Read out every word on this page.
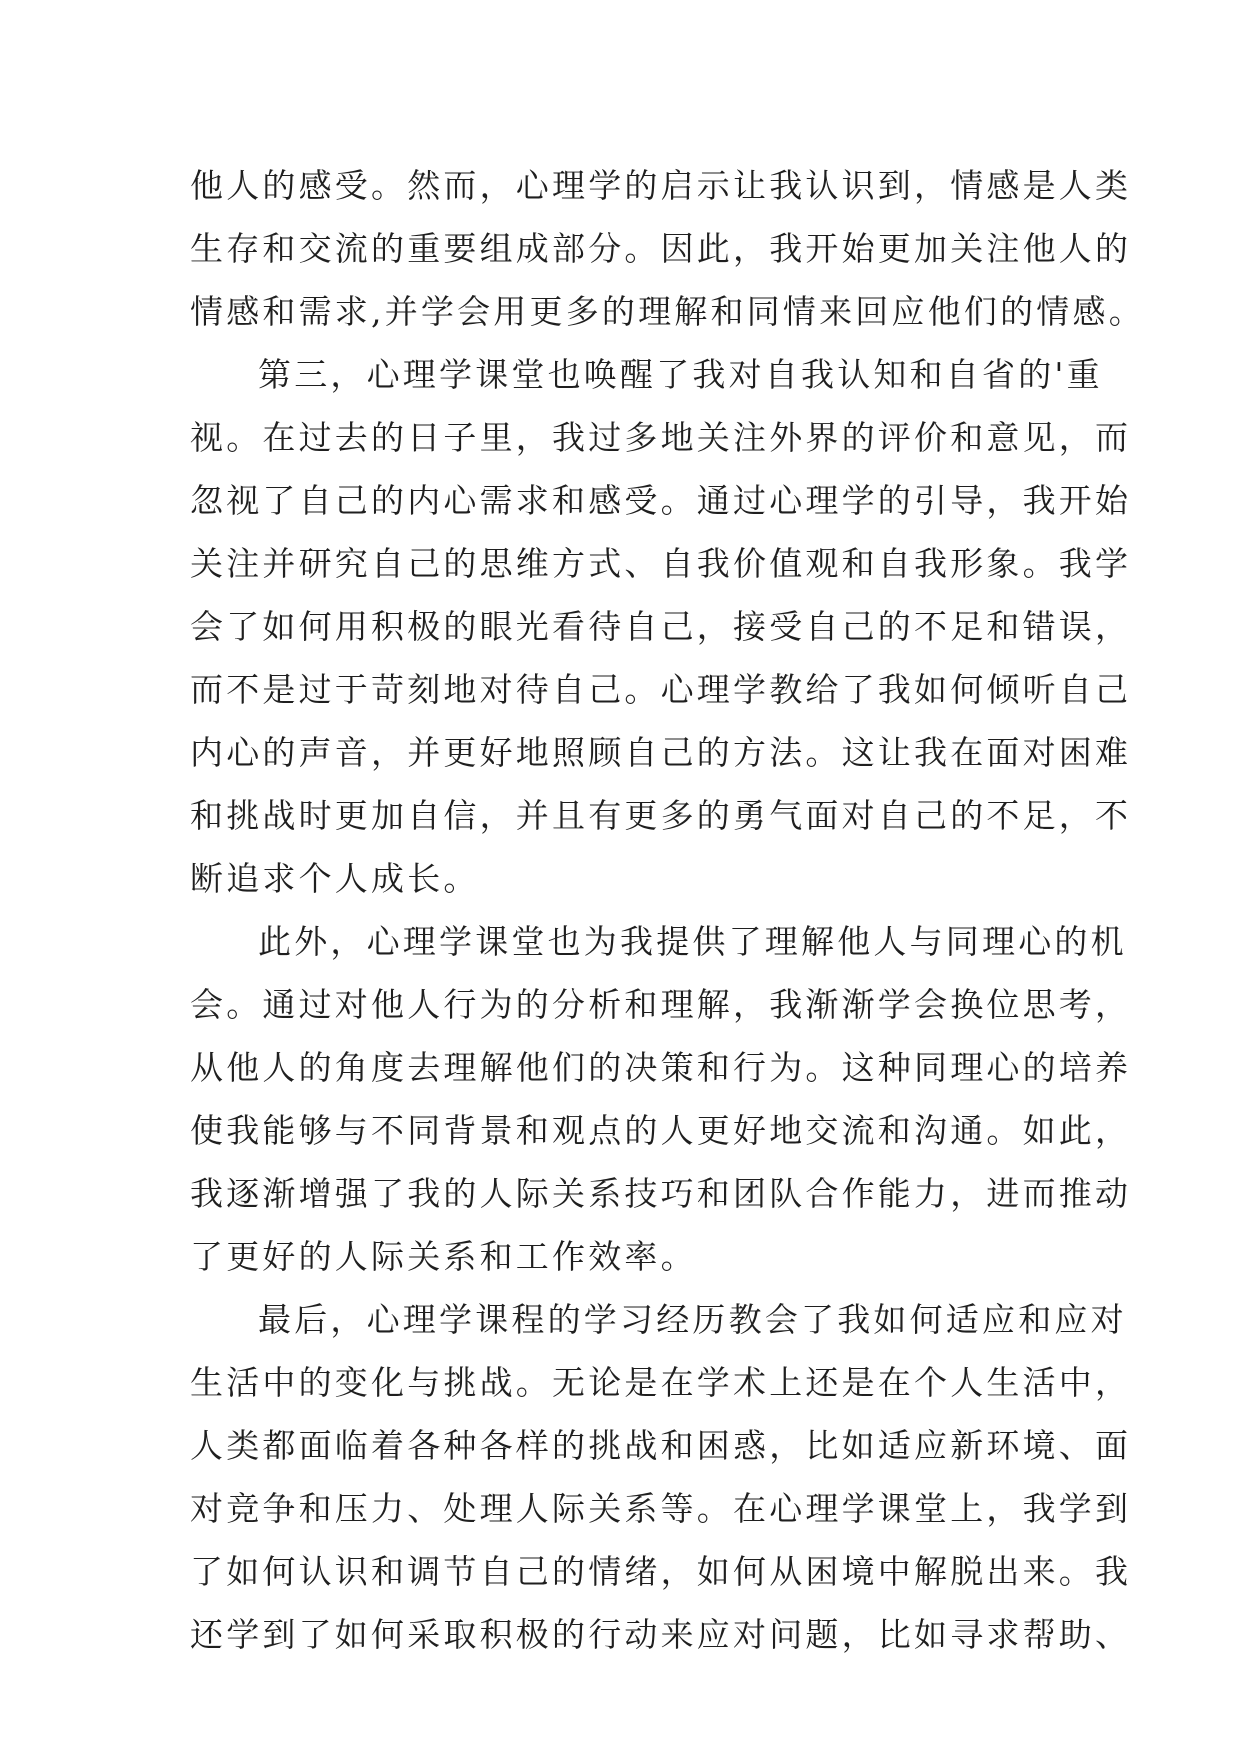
他人的感受。然而，心理学的启示让我认识到，情感是人类
生存和交流的重要组成部分。因此，我开始更加关注他人的
情感和需求,并学会用更多的理解和同情来回应他们的情感。
第三，心理学课堂也唤醒了我对自我认知和自省的'重
视。在过去的日子里，我过多地关注外界的评价和意见，而
忽视了自己的内心需求和感受。通过心理学的引导，我开始
关注并研究自己的思维方式、自我价值观和自我形象。我学
会了如何用积极的眼光看待自己，接受自己的不足和错误，
而不是过于苛刻地对待自己。心理学教给了我如何倾听自己
内心的声音，并更好地照顾自己的方法。这让我在面对困难
和挑战时更加自信，并且有更多的勇气面对自己的不足，不
断追求个人成长。
此外，心理学课堂也为我提供了理解他人与同理心的机
会。通过对他人行为的分析和理解，我渐渐学会换位思考，
从他人的角度去理解他们的决策和行为。这种同理心的培养
使我能够与不同背景和观点的人更好地交流和沟通。如此，
我逐渐增强了我的人际关系技巧和团队合作能力，进而推动
了更好的人际关系和工作效率。
最后，心理学课程的学习经历教会了我如何适应和应对
生活中的变化与挑战。无论是在学术上还是在个人生活中，
人类都面临着各种各样的挑战和困惑，比如适应新环境、面
对竞争和压力、处理人际关系等。在心理学课堂上，我学到
了如何认识和调节自己的情绪，如何从困境中解脱出来。我
还学到了如何采取积极的行动来应对问题，比如寻求帮助、
